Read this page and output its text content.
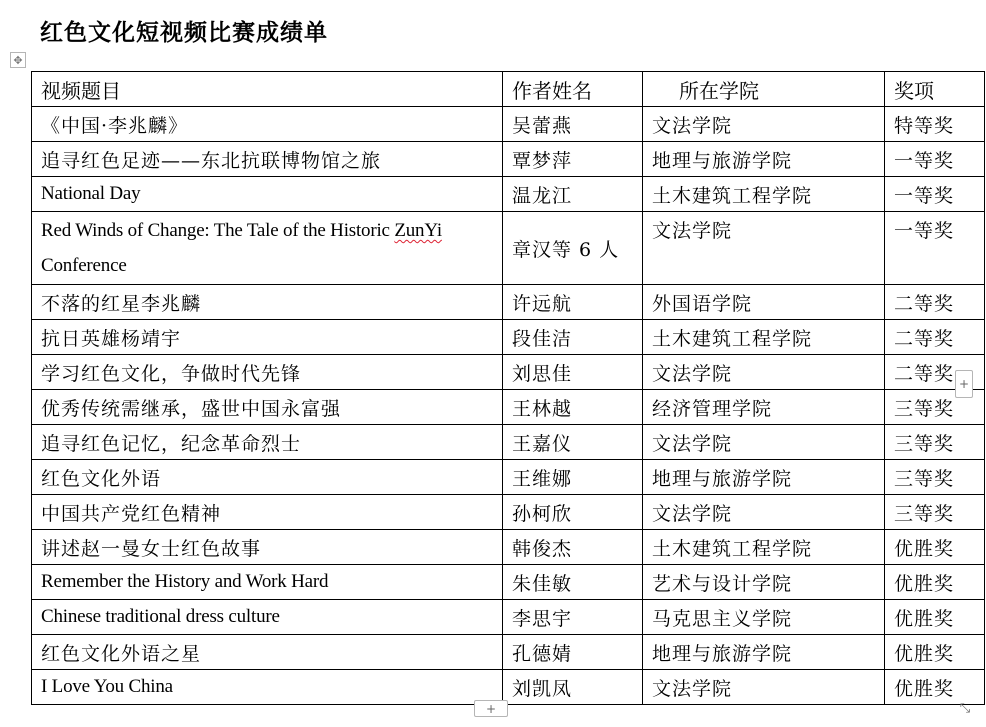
红色文化短视频比赛成绩单
✥
视频题目	作者姓名	所在学院	奖项
《中国·李兆麟》	吴蕾燕	文法学院	特等奖
追寻红色足迹——东北抗联博物馆之旅	覃梦萍	地理与旅游学院	一等奖
National Day	温龙江	土木建筑工程学院	一等奖
Red Winds of Change: The Tale of the Historic ZunYi Conference	章汉等 6 人	文法学院	一等奖
不落的红星李兆麟	许远航	外国语学院	二等奖
抗日英雄杨靖宇	段佳洁	土木建筑工程学院	二等奖
学习红色文化，争做时代先锋	刘思佳	文法学院	二等奖
优秀传统需继承，盛世中国永富强	王林越	经济管理学院	三等奖
追寻红色记忆，纪念革命烈士	王嘉仪	文法学院	三等奖
红色文化外语	王维娜	地理与旅游学院	三等奖
中国共产党红色精神	孙柯欣	文法学院	三等奖
讲述赵一曼女士红色故事	韩俊杰	土木建筑工程学院	优胜奖
Remember the History and Work Hard	朱佳敏	艺术与设计学院	优胜奖
Chinese traditional dress culture	李思宇	马克思主义学院	优胜奖
红色文化外语之星	孔德婧	地理与旅游学院	优胜奖
I Love You China	刘凯凤	文法学院	优胜奖
+
+	⤡
